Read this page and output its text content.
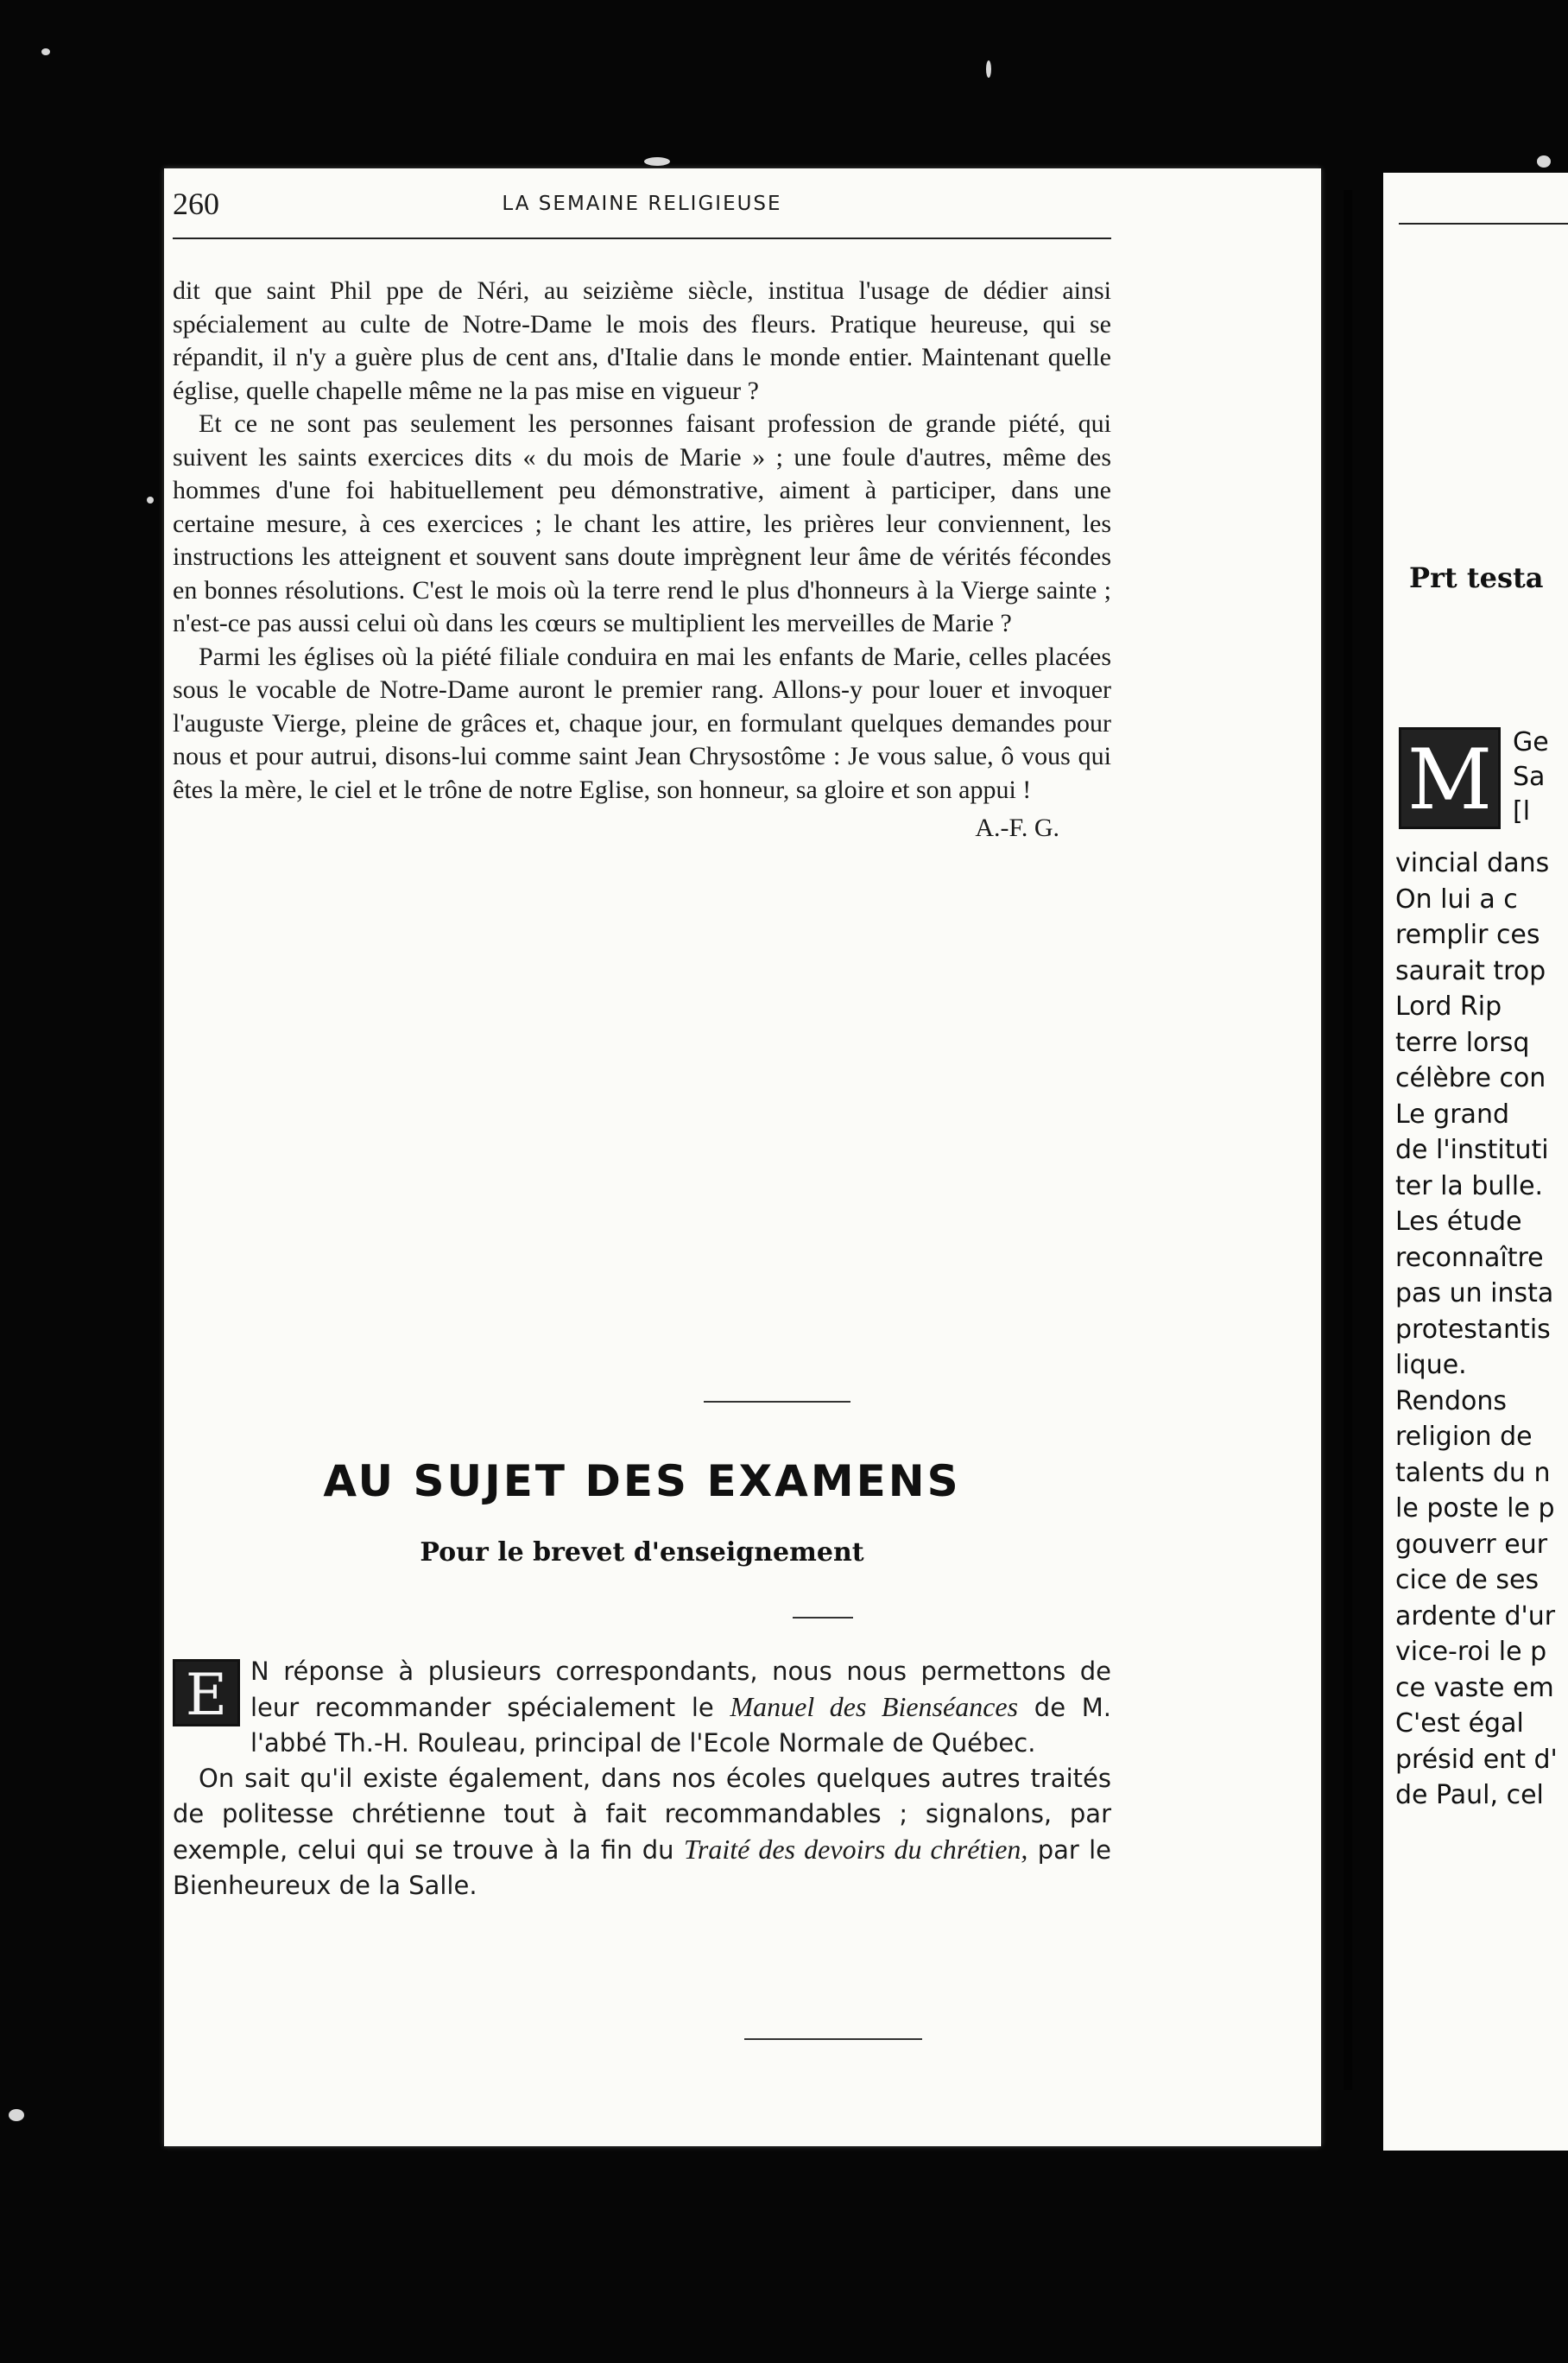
260	LA SEMAINE RELIGIEUSE

dit que saint Phil ppe de Néri, au seizième siècle, institua l'usage de dédier ainsi spécialement au culte de Notre-Dame le mois des fleurs. Pratique heureuse, qui se répandit, il n'y a guère plus de cent ans, d'Italie dans le monde entier. Maintenant quelle église, quelle chapelle même ne la pas mise en vigueur ?

Et ce ne sont pas seulement les personnes faisant profession de grande piété, qui suivent les saints exercices dits « du mois de Marie » ; une foule d'autres, même des hommes d'une foi habituellement peu démonstrative, aiment à participer, dans une certaine mesure, à ces exercices ; le chant les attire, les prières leur conviennent, les instructions les atteignent et souvent sans doute imprègnent leur âme de vérités fécondes en bonnes résolutions. C'est le mois où la terre rend le plus d'honneurs à la Vierge sainte ; n'est-ce pas aussi celui où dans les cœurs se multiplient les merveilles de Marie ?

Parmi les églises où la piété filiale conduira en mai les enfants de Marie, celles placées sous le vocable de Notre-Dame auront le premier rang. Allons-y pour louer et invoquer l'auguste Vierge, pleine de grâces et, chaque jour, en formulant quelques demandes pour nous et pour autrui, disons-lui comme saint Jean Chrysostôme : Je vous salue, ô vous qui êtes la mère, le ciel et le trône de notre Eglise, son honneur, sa gloire et son appui !

A.-F. G.
AU SUJET DES EXAMENS
Pour le brevet d'enseignement

E N réponse à plusieurs correspondants, nous nous permettons de leur recommander spécialement le Manuel des Bienséances de M. l'abbé Th.-H. Rouleau, principal de l'Ecole Normale de Québec.

On sait qu'il existe également, dans nos écoles quelques autres traités de politesse chrétienne tout à fait recommandables ; signalons, par exemple, celui qui se trouve à la fin du Traité des devoirs du chrétien, par le Bienheureux de la Salle.

Prt testa
M Ge
Sa
[l
vincial dans
On lui a c
remplir ces
saurait trop
Lord Rip
terre lorsq
célèbre con
Le grand
de l'instituti
ter la bulle.
Les étude
reconnaître
pas un insta
protestantis
lique.
Rendons
religion de
talents du n
le poste le p
gouverr eur
cice de ses
ardente d'ur
vice-roi le p
ce vaste em
C'est égal
présid ent d'
de Paul, cel
